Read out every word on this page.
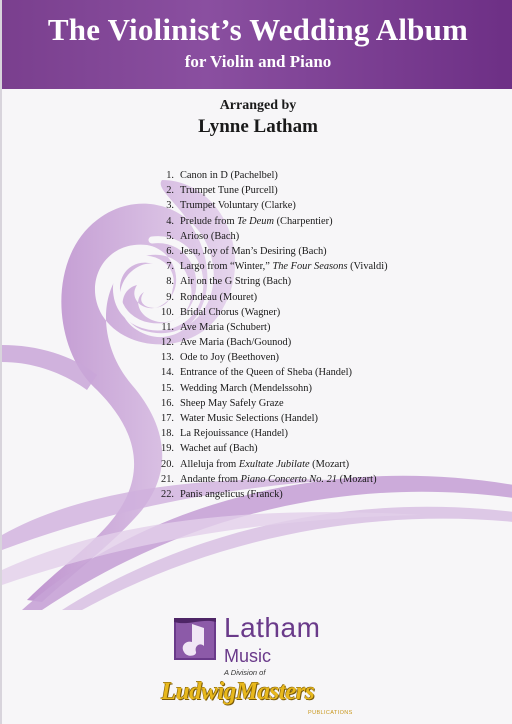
The Violinist’s Wedding Album
for Violin and Piano
Arranged by
Lynne Latham
1. Canon in D (Pachelbel)
2. Trumpet Tune (Purcell)
3. Trumpet Voluntary (Clarke)
4. Prelude from Te Deum (Charpentier)
5. Arioso (Bach)
6. Jesu, Joy of Man’s Desiring (Bach)
7. Largo from “Winter,” The Four Seasons (Vivaldi)
8. Air on the G String (Bach)
9. Rondeau (Mouret)
10. Bridal Chorus (Wagner)
11. Ave Maria (Schubert)
12. Ave Maria (Bach/Gounod)
13. Ode to Joy (Beethoven)
14. Entrance of the Queen of Sheba (Handel)
15. Wedding March (Mendelssohn)
16. Sheep May Safely Graze
17. Water Music Selections (Handel)
18. La Rejouissance (Handel)
19. Wachet auf (Bach)
20. Alleluja from Exultate Jubilate (Mozart)
21. Andante from Piano Concerto No. 21 (Mozart)
22. Panis angelicus (Franck)
Latham
Music
A Division of
LudwigMasters
PUBLICATIONS
